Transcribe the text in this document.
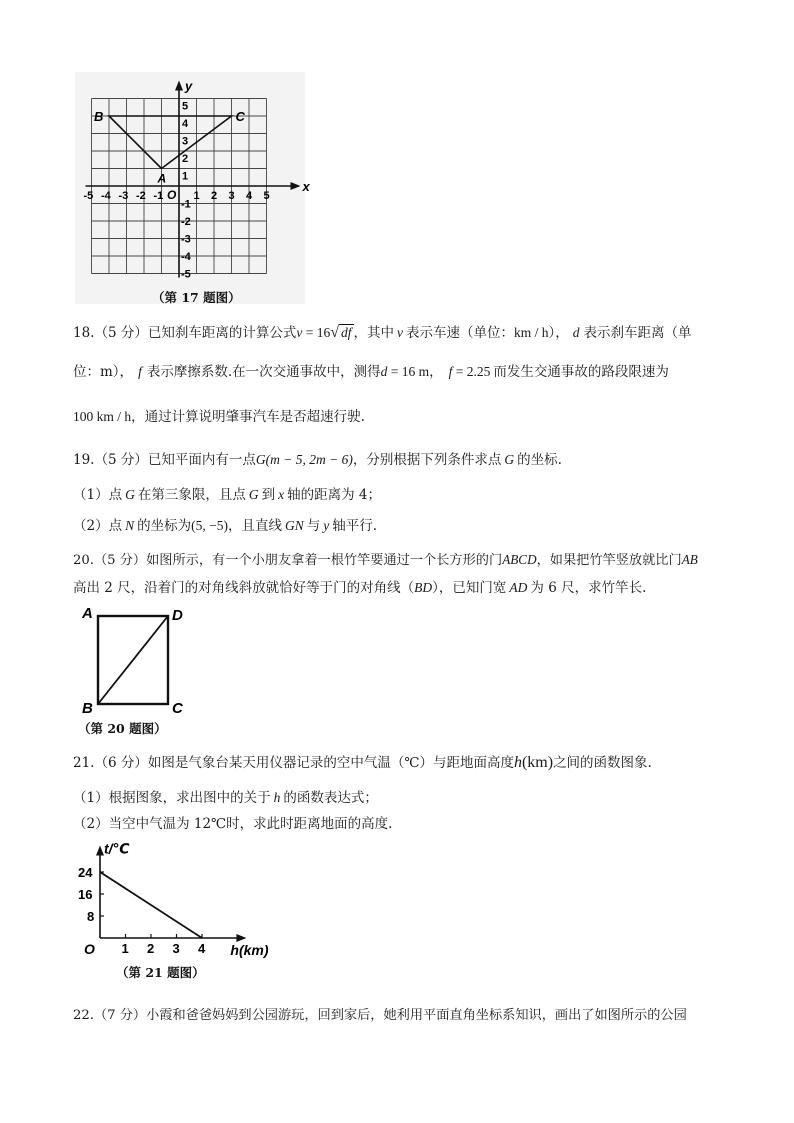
B	C
A
x
y
O
-5 -4 -3 -2 -1	1 2 3 4 5
1
2
3
4
5
-1
-2
-3
-4
-5
（第 17 题图）
18.（5 分）已知刹车距离的计算公式v = 16√ df ，其中 v 表示车速（单位：km / h）， d 表示刹车距离（单
位：m）， f 表示摩擦系数.在一次交通事故中，测得d = 16 m， f = 2.25 而发生交通事故的路段限速为
100 km / h，通过计算说明肇事汽车是否超速行驶.
19.（5 分）已知平面内有一点G(m − 5, 2m − 6)，分别根据下列条件求点 G 的坐标.
（1）点 G 在第三象限，且点 G 到 x 轴的距离为 4；
（2）点 N 的坐标为(5, −5)，且直线 GN 与 y 轴平行.
20.（5 分）如图所示，有一个小朋友拿着一根竹竿要通过一个长方形的门ABCD，如果把竹竿竖放就比门AB
高出 2 尺，沿着门的对角线斜放就恰好等于门的对角线（BD），已知门宽 AD 为 6 尺，求竹竿长.
A	D
B	C
（第 20 题图）
21.（6 分）如图是气象台某天用仪器记录的空中气温（℃）与距地面高度h(km)之间的函数图象.
（1）根据图象，求出图中的关于 h 的函数表达式；
（2）当空中气温为 12℃时，求此时距离地面的高度.
1 2 3 4
8
16
24
t/℃
h(km)
O
（第 21 题图）
22.（7 分）小霞和爸爸妈妈到公园游玩，回到家后，她利用平面直角坐标系知识，画出了如图所示的公园
